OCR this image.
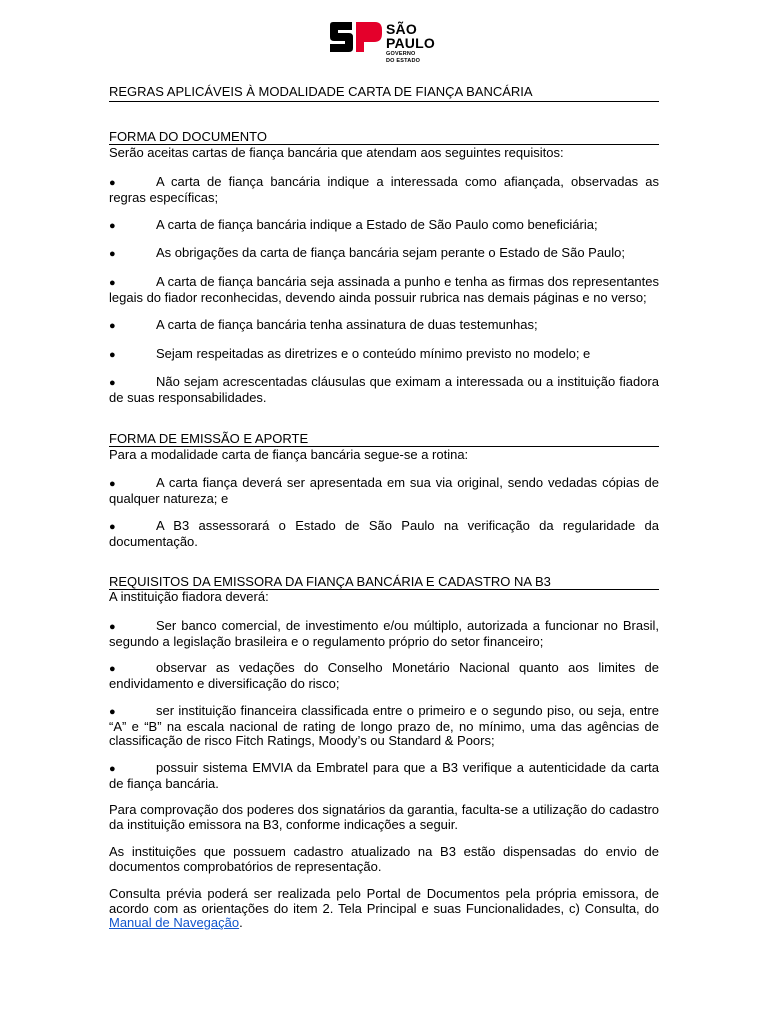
SÃO
PAULO
GOVERNO
DO ESTADO
REGRAS APLICÁVEIS À MODALIDADE CARTA DE FIANÇA BANCÁRIA
FORMA DO DOCUMENTO
Serão aceitas cartas de fiança bancária que atendam aos seguintes requisitos:
●	A carta de fiança bancária indique a interessada como afiançada, observadas as regras específicas;
●	A carta de fiança bancária indique a Estado de São Paulo como beneficiária;
●	As obrigações da carta de fiança bancária sejam perante o Estado de São Paulo;
●	A carta de fiança bancária seja assinada a punho e tenha as firmas dos representantes legais do fiador reconhecidas, devendo ainda possuir rubrica nas demais páginas e no verso;
●	A carta de fiança bancária tenha assinatura de duas testemunhas;
●	Sejam respeitadas as diretrizes e o conteúdo mínimo previsto no modelo; e
●	Não sejam acrescentadas cláusulas que eximam a interessada ou a instituição fiadora de suas responsabilidades.
FORMA DE EMISSÃO E APORTE
Para a modalidade carta de fiança bancária segue-se a rotina:
●	A carta fiança deverá ser apresentada em sua via original, sendo vedadas cópias de qualquer natureza; e
●	A B3 assessorará o Estado de São Paulo na verificação da regularidade da documentação.
REQUISITOS DA EMISSORA DA FIANÇA BANCÁRIA E CADASTRO NA B3
A instituição fiadora deverá:
●	Ser banco comercial, de investimento e/ou múltiplo, autorizada a funcionar no Brasil, segundo a legislação brasileira e o regulamento próprio do setor financeiro;
●	observar as vedações do Conselho Monetário Nacional quanto aos limites de endividamento e diversificação do risco;
●	ser instituição financeira classificada entre o primeiro e o segundo piso, ou seja, entre “A” e “B” na escala nacional de rating de longo prazo de, no mínimo, uma das agências de classificação de risco Fitch Ratings, Moody’s ou Standard & Poors;
●	possuir sistema EMVIA da Embratel para que a B3 verifique a autenticidade da carta de fiança bancária.
Para comprovação dos poderes dos signatários da garantia, faculta-se a utilização do cadastro da instituição emissora na B3, conforme indicações a seguir.
As instituições que possuem cadastro atualizado na B3 estão dispensadas do envio de documentos comprobatórios de representação.
Consulta prévia poderá ser realizada pelo Portal de Documentos pela própria emissora, de acordo com as orientações do item 2. Tela Principal e suas Funcionalidades, c) Consulta, do Manual de Navegação.
